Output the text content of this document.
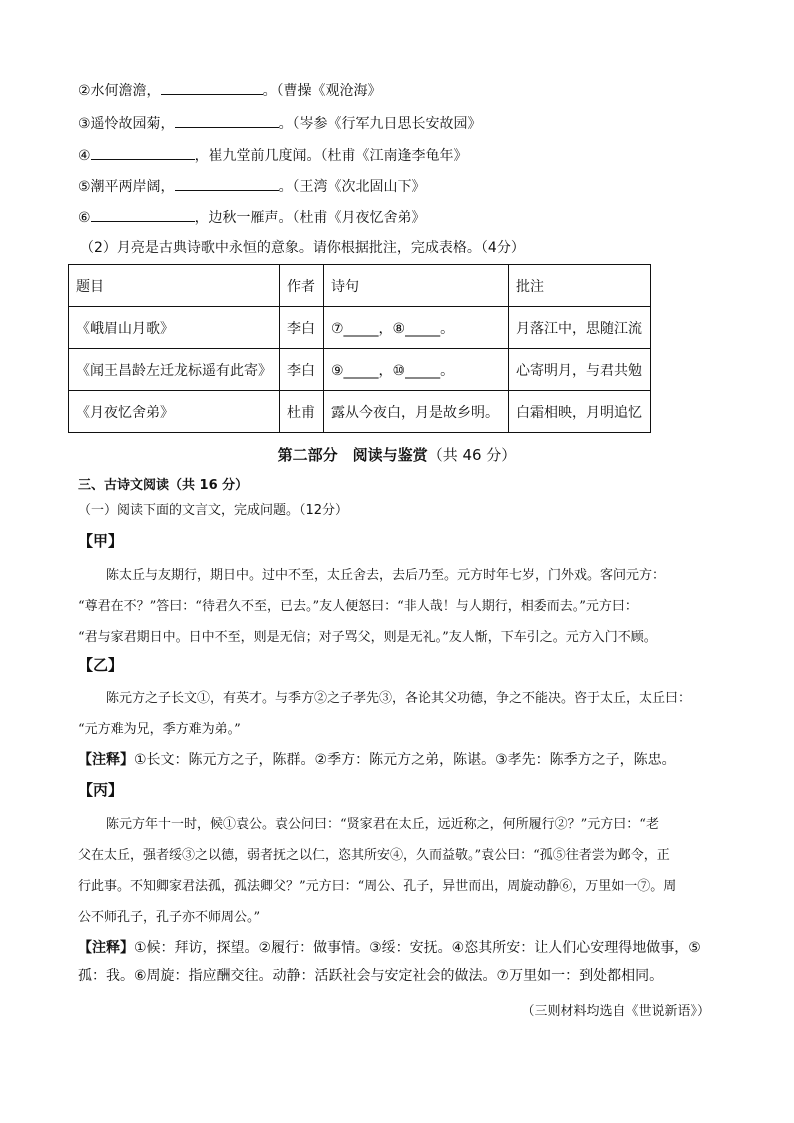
②水何澹澹，	。（曹操《观沧海》
③遥怜故园菊，	。（岑参《行军九日思长安故园》
④	，崔九堂前几度闻。（杜甫《江南逢李龟年》
⑤潮平两岸阔，	。（王湾《次北固山下》
⑥	，边秋一雁声。（杜甫《月夜忆舍弟》
（2）月亮是古典诗歌中永恒的意象。请你根据批注，完成表格。（4分）
题目	作者	诗句	批注
《峨眉山月歌》	李白	⑦_____，⑧_____。	月落江中，思随江流
《闻王昌龄左迁龙标遥有此寄》	李白	⑨_____，⑩_____。	心寄明月，与君共勉
《月夜忆舍弟》	杜甫	露从今夜白，月是故乡明。	白霜相映，月明追忆
第二部分　阅读与鉴赏（共 46 分）
三、古诗文阅读（共 16 分）
（一）阅读下面的文言文，完成问题。（12分）
【甲】

陈太丘与友期行，期日中。过中不至，太丘舍去，去后乃至。元方时年七岁，门外戏。客问元方：

“尊君在不？”答曰：“待君久不至，已去。”友人便怒曰：“非人哉！与人期行，相委而去。”元方曰：

“君与家君期日中。日中不至，则是无信；对子骂父，则是无礼。”友人惭，下车引之。元方入门不顾。

【乙】

陈元方之子长文①，有英才。与季方②之子孝先③，各论其父功德，争之不能决。咨于太丘，太丘曰：

“元方难为兄，季方难为弟。”

【注释】①长文：陈元方之子，陈群。②季方：陈元方之弟，陈谌。③孝先：陈季方之子，陈忠。
【丙】

陈元方年十一时，候①袁公。袁公问曰：“贤家君在太丘，远近称之，何所履行②？”元方曰：“老

父在太丘，强者绥③之以德，弱者抚之以仁，恣其所安④，久而益敬。”袁公曰：“孤⑤往者尝为邺令，正

行此事。不知卿家君法孤，孤法卿父？”元方曰：“周公、孔子，异世而出，周旋动静⑥，万里如一⑦。周

公不师孔子，孔子亦不师周公。”

【注释】①候：拜访，探望。②履行：做事情。③绥：安抚。④恣其所安：让人们心安理得地做事，⑤
孤：我。⑥周旋：指应酬交往。动静：活跃社会与安定社会的做法。⑦万里如一：到处都相同。
（三则材料均选自《世说新语》）
